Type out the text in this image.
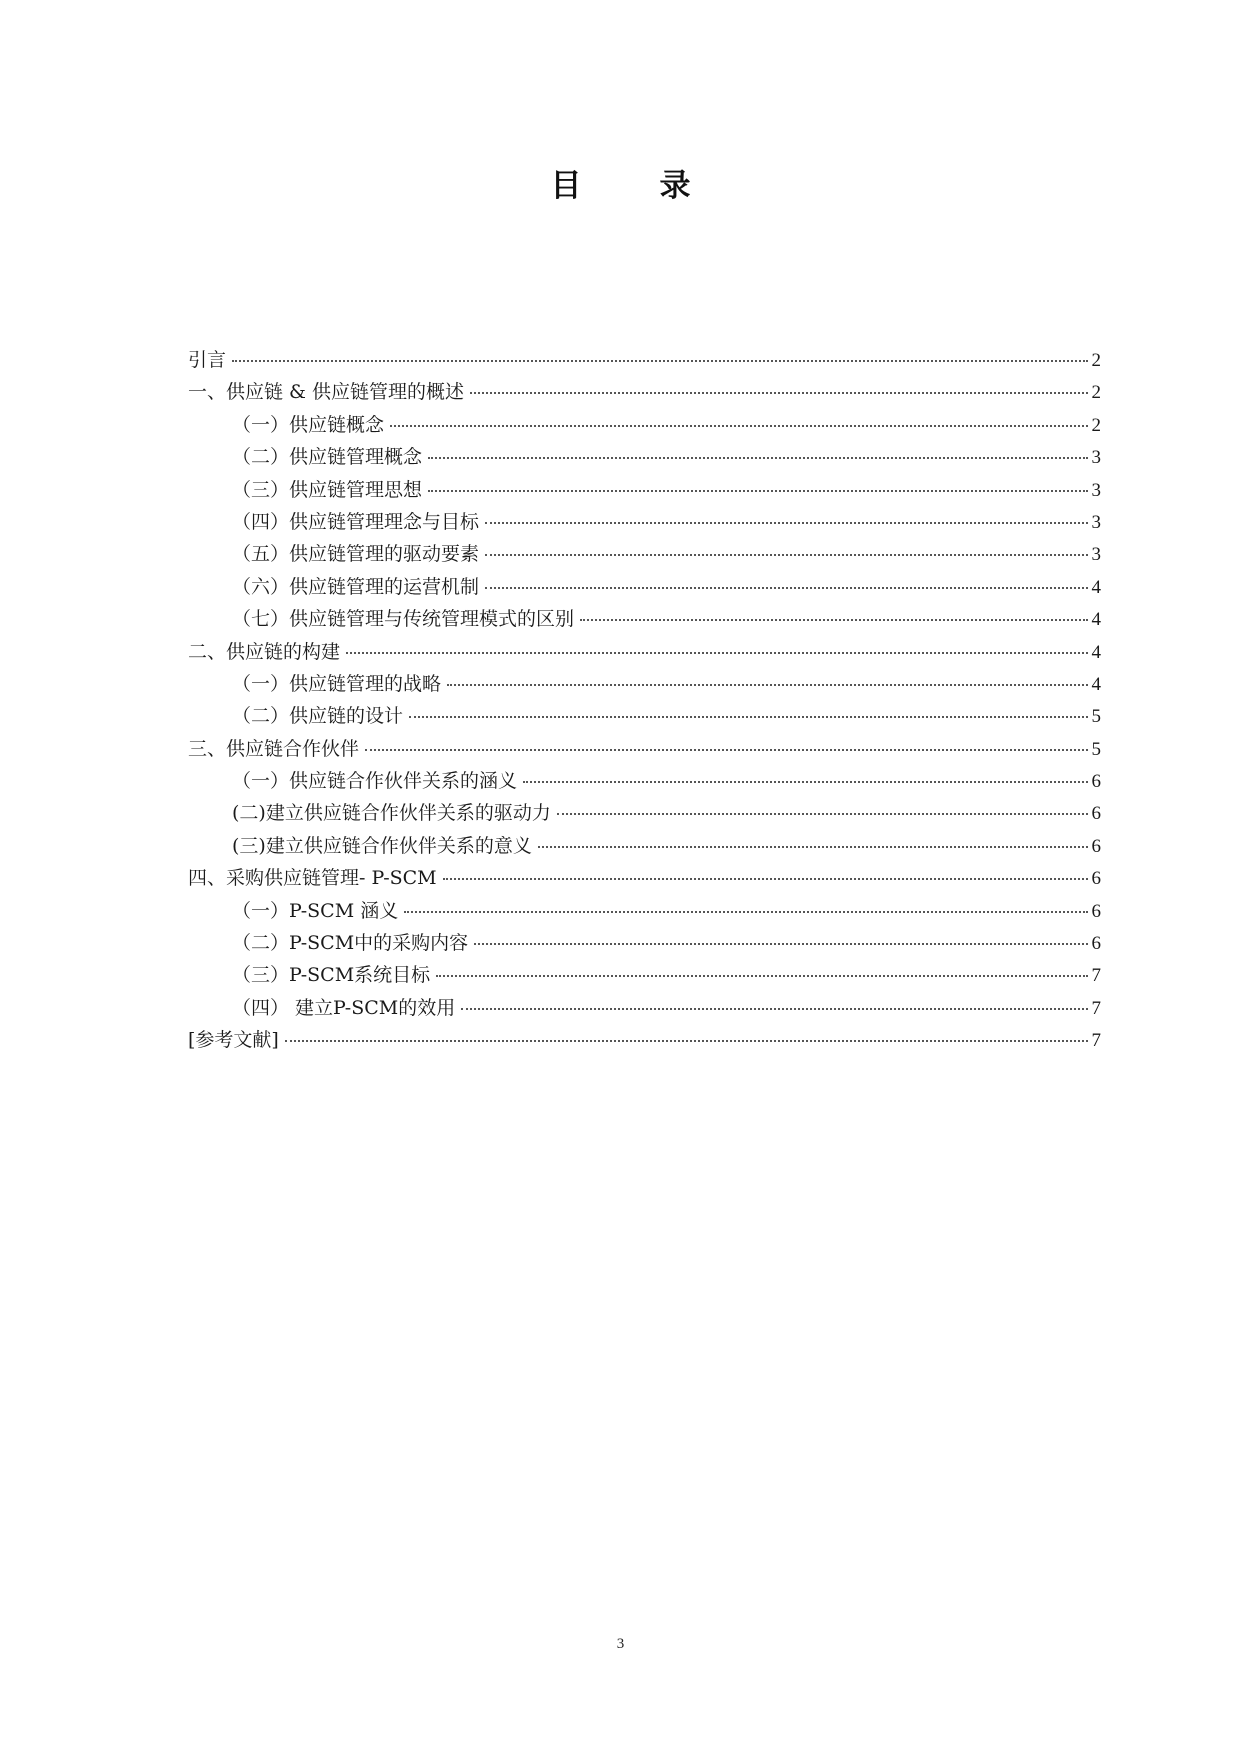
目	录
引言	2
一、供应链 & 供应链管理的概述	2
（一）供应链概念	2
（二）供应链管理概念	3
（三）供应链管理思想	3
（四）供应链管理理念与目标	3
（五）供应链管理的驱动要素	3
（六）供应链管理的运营机制	4
（七）供应链管理与传统管理模式的区别	4
二、供应链的构建	4
（一）供应链管理的战略	4
（二）供应链的设计	5
三、供应链合作伙伴	5
（一）供应链合作伙伴关系的涵义	6
(二)建立供应链合作伙伴关系的驱动力	6
(三)建立供应链合作伙伴关系的意义	6
四、采购供应链管理- P-SCM	6
（一）P-SCM 涵义	6
（二）P-SCM中的采购内容	6
（三）P-SCM系统目标	7
（四） 建立P-SCM的效用	7
[参考文献]	7
3
